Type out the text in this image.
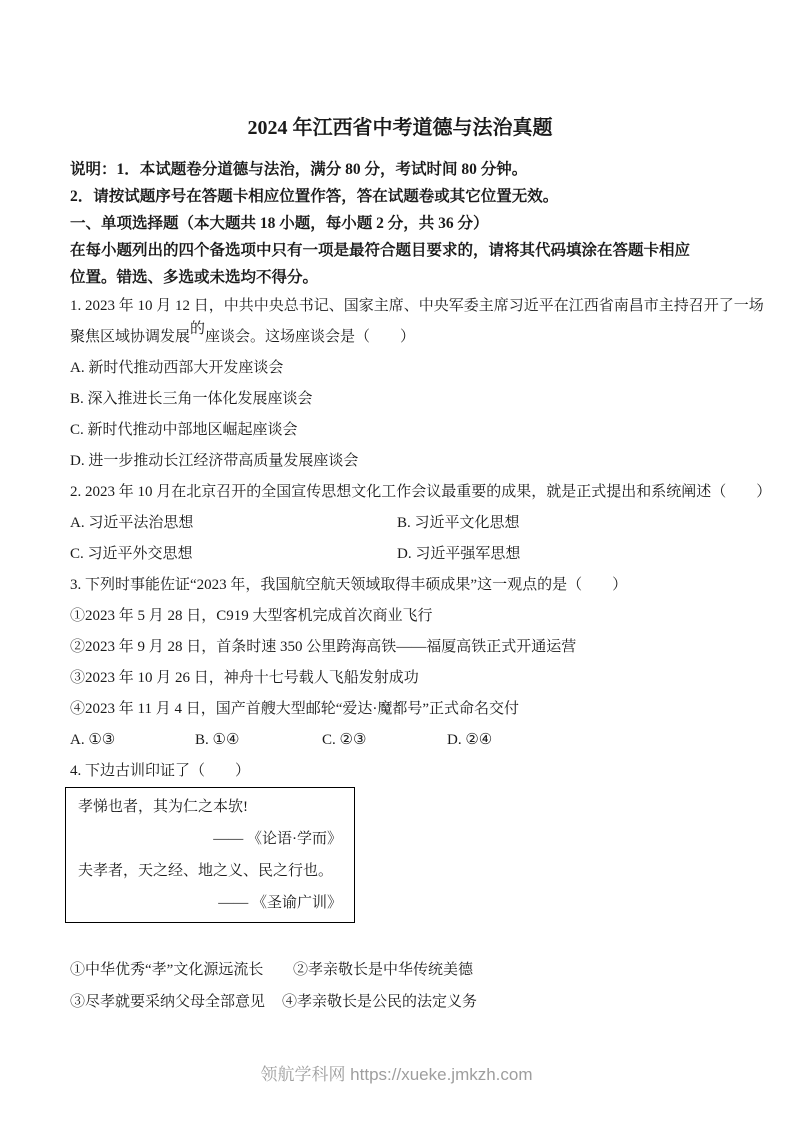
2024 年江西省中考道德与法治真题

说明：1．本试题卷分道德与法治，满分 80 分，考试时间 80 分钟。

2．请按试题序号在答题卡相应位置作答，答在试题卷或其它位置无效。

一、单项选择题（本大题共 18 小题，每小题 2 分，共 36 分）

在每小题列出的四个备选项中只有一项是最符合题目要求的，请将其代码填涂在答题卡相应

位置。错选、多选或未选均不得分。

1. 2023 年 10 月 12 日，中共中央总书记、国家主席、中央军委主席习近平在江西省南昌市主持召开了一场

聚焦区域协调发展的座谈会。这场座谈会是（　　）

A. 新时代推动西部大开发座谈会

B. 深入推进长三角一体化发展座谈会

C. 新时代推动中部地区崛起座谈会

D. 进一步推动长江经济带高质量发展座谈会

2. 2023 年 10 月在北京召开的全国宣传思想文化工作会议最重要的成果，就是正式提出和系统阐述（　　）

A. 习近平法治思想	B. 习近平文化思想

C. 习近平外交思想	D. 习近平强军思想

3. 下列时事能佐证“2023 年，我国航空航天领域取得丰硕成果”这一观点的是（　　）

①2023 年 5 月 28 日，C919 大型客机完成首次商业飞行

②2023 年 9 月 28 日，首条时速 350 公里跨海高铁——福厦高铁正式开通运营

③2023 年 10 月 26 日，神舟十七号载人飞船发射成功

④2023 年 11 月 4 日，国产首艘大型邮轮“爱达·魔都号”正式命名交付

A. ①③	B. ①④	C. ②③	D. ②④

4. 下边古训印证了（　　）

孝悌也者，其为仁之本欤!

—— 《论语·学而》

夫孝者，天之经、地之义、民之行也。

—— 《圣谕广训》

①中华优秀“孝”文化源远流长 ②孝亲敬长是中华传统美德

③尽孝就要采纳父母全部意见 ④孝亲敬长是公民的法定义务

领航学科网 https://xueke.jmkzh.com
